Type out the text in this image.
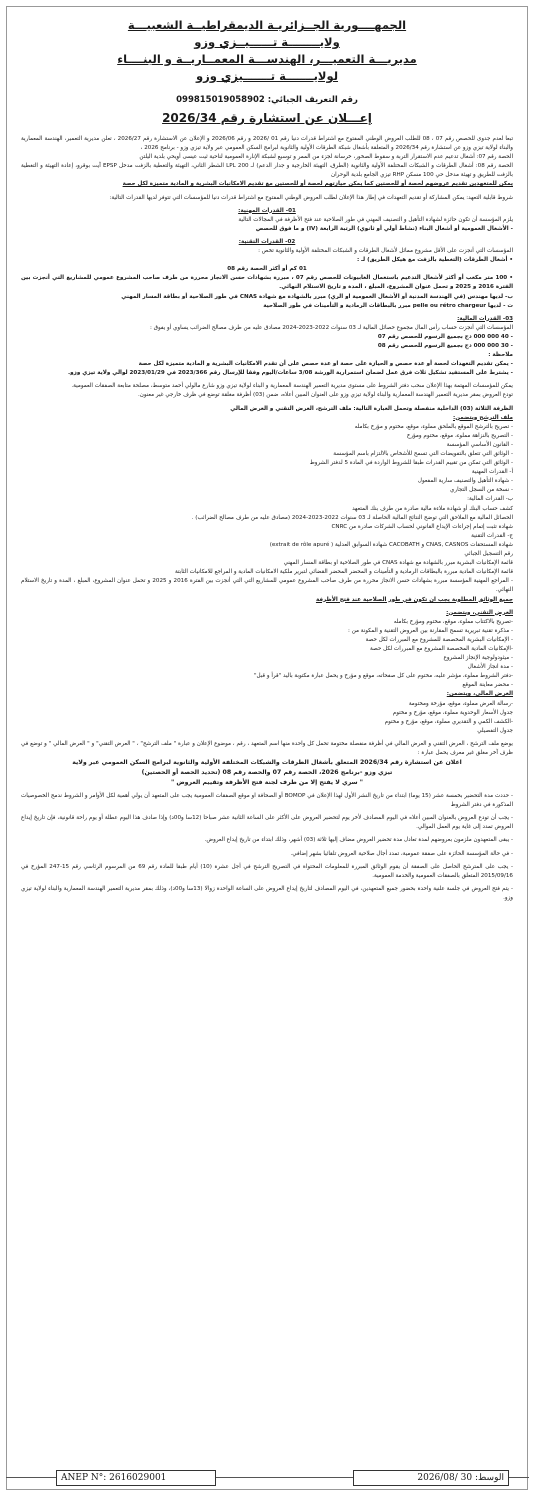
الجمهــــورية الجــزائريـة الديمقراطيــة الشعبيـــة
ولايــــــــة تــــــيــزي وزو
مديريـــة التعميـــر، الهندســـة المعمــاريــة و البنــــاء
لولايـــــــة تـــــــيزي وزو
رقم التعريف الجبائي: 099815019058902
إعـــلان عن استشارة رقم 2026/34

تبعا لعدم جدوى للحصص رقم 07 ، 08 للطلب العروض الوطني المفتوح مع اشتراط قدرات دنيا رقم 01 /2026 و رقم 2026/06 و الإعلان عن الاستشارة رقم 2026/27 ، تعلن مديرية التعمير، الهندسة المعمارية والبناء لولاية تيزي وزو عن استشارة رقم 2026/34 و المتعلقة بأشغال شبكة الطرقات الأولية والثانوية لبرامج السكن العمومي عبر ولاية تيزي وزو - برنامج 2026 ،

الحصة رقم 07: أشغال تدعيم عدم الاستقرار التربة و سقوط الصخور، خرسانة لجزء من الممر و توسيع لشبكة الإنارة العمومية لناحية ثيت عيسى أويحي بلدية اليلتن

الحصة رقم 08: أشغال الطرقات و الشبكات المختلفة الأولية والثانوية (الطرق، التهيئة الخارجية و جدار الدعم) لـ 200 LPL الشطر الثاني، التهيئة والتغطية بالزفت مدخل EPSP آيت بوقرو، إعادة التهيئة و التغطية بالزفت للطريق و تهيئة مدخل حي 100 مسكن RHP تيزي الجامع بلدية الوحران

يمكن للمتعهدين تقديم عروضهم لحصة أو للحصتين كما يمكن حيازتهم لحصة أو للحصتين مع تقديم الامكانيات البشرية و المادية متميزة لكل حصة

شروط قابلية التعهد: يمكن المشاركة أو تقديم التعهدات في إطار هذا الإعلان لطلب العروض الوطني المفتوح مع اشتراط قدرات دنيا للمؤسسات التي تتوفر لديها القدرات التالية:

01- القدرات المهنية:

يلزم المؤسسة أن تكون حائزة لشهادة التأهيل و التصنيف المهني في طور الصلاحية عند فتح الأظرفة في المجالات التالية

- الأشغال العمومية أو أشغال البناء (نشاط أولي أو ثانوي) الرتبة الرابعة (IV) و ما فوق للحصص

02- القدرات التقنية:

المؤسسات التي أنجزت على الأقل مشروع مماثل لأشغال الطرقات و الشبكات المختلفة الأولية والثانوية تخص :

• أشغال الطرقات (التغطية بالزفت مع هيكل الطريق) لـ :

01 كم أو أكثر الحصة رقم 08

• 100 متر مكعب أو أكثر لأشغال التدعيم باستعمال الغابيونات للحصص رقم 07 ، مبررة بشهادات حسن الانجاز محررة من طرف صاحب المشروع عمومي للمشاريع التي أنجزت بين الفترة 2016 و 2025 و تحمل عنوان المشروع، المبلغ ، المدة و تاريخ الاستلام النهائي.

ب- لديها مهندس (في الهندسة المدنية أو الأشغال العمومية او الري) مبرر بالشهادة مع شهادة CNAS في طور الصلاحية أو بطاقة المسار المهني

ت - لديها pelle ou rétro chargeur مبرر بالبطاقات الرمادية و التأمينات في طور الصلاحية

03- القدرات المالية:

المؤسسات التي أنجزت حساب رأس المال مجموع حصائل المالية لـ 03 سنوات 2022-2023-2024 مصادق عليه من طرف مصالح الضرائب يساوي أو يفوق :

- 40 000 000 دج بجميع الرسوم للحصص رقم 07

- 30 000 000 دج بجميع الرسوم للحصص رقم 08

ملاحظة :

- يمكن تقديم التعهدات لحصة أو عدة حصص و الحيازة على حصة او عدة حصص على أن تقدم الامكانيات البشرية و المادية متميزة لكل حصة

- يشترط على المستفيد تشكيل ثلاث فرق عمل لضمان استمرارية الورشة 3/08 ساعات/اليوم وفقا للإرسال رقم 2023/366 في 2023/01/29 لوالي ولاية تيزي وزو.

يمكن للمؤسسات المهتمة بهذا الإعلان سحب دفتر الشروط على مستوى مديرية التعمير الهندسة المعمارية و البناء لولاية تيزي وزو شارع مالولي أحمد متوسط، مصلحة متابعة الصفقات العمومية.

تودع العروض بمقر مديرية التعمير الهندسة المعمارية والبناء لولاية تيزي وزو على العنوان المبين أعلاه، ضمن (03) أظرفة مغلقة توضع في ظرف خارجي غير معنون.

الظرفة الثلاثة (03) الداخلية منفصلة وتحمل العبارة التالية: ملف الترشح، العرض التقني و العرض المالي

ملف الترشح ويتضمن:

- تصريح بالترشح الموقع بالملحق مملوء، موقع، مختوم و مؤرخ بكامله

- التصريح بالنزاهة مملوء، موقع، مختوم ومؤرخ

- القانون الأساسي المؤسسة

- الوثائق التي تتعلق بالتفويضات التي تسمح للأشخاص بالالتزام باسم المؤسسة

- الوثائق التي تمكن من تقييم القدرات طبقا للشروط الواردة في المادة 5 لدفتر الشروط

أ- القدرات المهنية

- شهادة التأهيل والتصنيف سارية المفعول

- نسخة من السجل التجاري

ب- القدرات المالية:

كشف حساب البنك أو شهادة ملاءة مالية صادرة من طرف بنك المتعهد

الحصائل المالية مع الملاحق التي توضح النتائج المالية الحاصلة لـ 03 سنوات 2022-2023-2024 (مصادق عليه من طرف مصالح الضرائب) .

شهادة تثبت إتمام إجراءات الإيداع القانوني لحساب الشركات صادرة من CNRC

ج- القدرات التقنية

شهادة المستحقات CNAS, CASNOS و CACOBATH شهادة السوابق العدلية ( extrait de rôle apuré)

رقم التسجيل الجبائي

قائمة الإمكانيات البشرية مبرر بالشهادة مع شهادة CNAS في طور الصلاحية او بطاقة المسار المهني

قائمة الإمكانيات المادية مبررة بالبطاقات الرمادية و التأمينات و المحضر المحضر القضائي لتبرير ملكية الامكانيات المادية و المراجع للامكانيات الثابتة

- المراجع المهنية المؤسسة مبررة بشهادات حسن الانجاز محررة من طرف صاحب المشروع عمومي للمشاريع التي التي أنجزت بين الفترة 2016 و 2025 و تحمل عنوان المشروع، المبلغ ، المدة و تاريخ الاستلام النهائي.

جميع الوثائق المطلوبة يجب ان تكون في طور الصلاحية عند فتح الأظرفة

العرض التقني، ويتضمن:

-تصريح بالاكتتاب مملوء، موقع، مختوم ومؤرخ بكامله

- مذكرة تقنية تبريرية تسمح المقارنة بين العروض التقنية و المكونة من :

- الإمكانيات البشرية المخصصة للمشروع مع المبررات لكل حصة

-الإمكانيات المادية المخصصة المشروع مع المبررات لكل حصة

- ميثودولوجية الإنجاز المشروع

- مدة انجاز الأشغال

-دفتر الشروط مملوء، مؤشر عليه، مختوم على كل صفحاته، موقع و مؤرخ و يحمل عبارة مكتوبة باليد "قرأ و قبل"

- محضر معاينة الموقع

العرض المالي، ويتضمن:

-رسالة العرض مملوء، موقع، مؤرخة ومختومة

جدول الأسعار الوحدوية مملوء، موقع، مؤرخ و مختوم

-الكشف الكمي و التقديري مملوء، موقع، مؤرخ و مختوم

جدول التفصيلي

يوضع ملف الترشح ، العرض التقني و العرض المالي في أظرفة منفصلة مختومة تحمل كل واحدة منها اسم المتعهد ، رقم ، موضوع الإعلان و عبارة " ملف الترشح" ، " العرض التقني" و " العرض المالي " و توضع في ظرف آخر مغلق غير معرف يحمل عبارة :

اعلان عن استشارة رقم 2026/34 المتعلق بأشغال الطرقات والشبكات المختلفة الأولية والثانوية لبرامج السكن العمومي عبر ولاية

تيزي وزو -برنامج 2026، الحصة رقم 07 والحصة رقم 08 (تحديد الحصة أو الحصتين)

" سري لا يفتح إلا من طرف لجنة فتح الأظرفة وتقييم العروض "

- حددت مدة التحضير بخمسة عشر (15 يوما) ابتداء من تاريخ النشر الأول لهذا الإعلان في BOMOP أو الصحافة او موقع الصفقات العمومية يجب على المتعهد أن يولي أهمية لكل الأوامر و الشروط ندمج الخصوصيات المذكورة في دفتر الشروط

- يجب أن تودع العروض بالعنوان المبين أعلاه في اليوم المصادف لأخر يوم لتحضير العروض على الأكثر على الساعة الثانية عشر صباحا (12سا و00د) وإذا صادف هذا اليوم عطلة أو يوم راحة قانونية، فإن تاريخ إيداع العروض تمدد إلى غاية يوم العمل الموالي.

- يبقى المتعهدون ملزمون بعروضهم لمدة تعادل مدة تحضير العروض مضاف إليها ثلاثة (03) أشهر، وذلك ابتداء من تاريخ إيداع العروض.

- في حالة المؤسسة الحائزة على صفقة عمومية، تمدد أجال صلاحية العروض تلقائيا بشهر إضافي.

- يجب على المترشح الحاصل على الصفقة أن يقوم الوثائق المبررة للمعلومات المحتواة في التصريح الترشح في أجل عشرة (10) أيام طبقا للمادة رقم 69 من المرسوم الرئاسي رقم 15-247 المؤرخ في 2015/09/16 المتعلق بالصفقات العمومية والخدمة العمومية.

- يتم فتح العروض في جلسة علنية واحدة بحضور جميع المتعهدين، في اليوم المصادف لتاريخ إيداع العروض على الساعة الواحدة زوالا (13سا و00د)، وذلك بمقر مديرية التعمير الهندسة المعمارية والبناء لولاية تيزي وزو.

ANEP N°: 2616029001	الوسط: 30 /2026/08
